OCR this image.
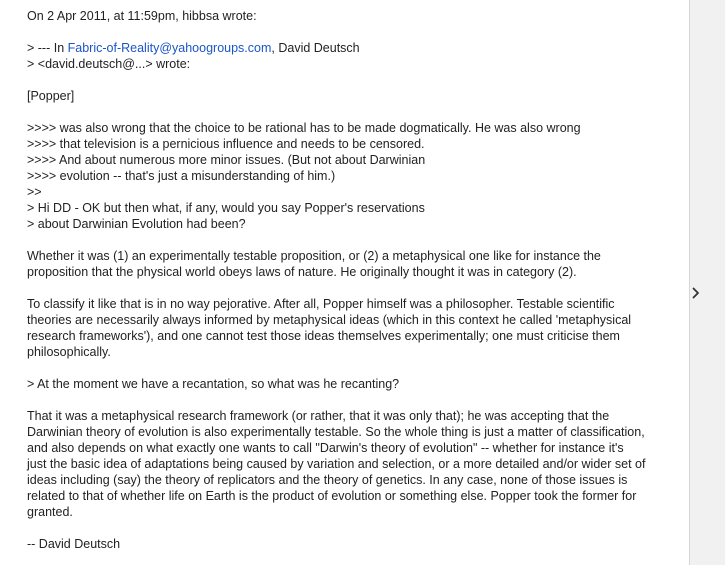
On 2 Apr 2011, at 11:59pm, hibbsa wrote:
> --- In Fabric-of-Reality@yahoogroups.com, David Deutsch
> <david.deutsch@...> wrote:
[Popper]
>>>> was also wrong that the choice to be rational has to be made dogmatically. He was also wrong
>>>> that television is a pernicious influence and needs to be censored.
>>>> And about numerous more minor issues. (But not about Darwinian
>>>> evolution -- that's just a misunderstanding of him.)
>>
> Hi DD - OK but then what, if any, would you say Popper's reservations
> about Darwinian Evolution had been?
Whether it was (1) an experimentally testable proposition, or (2) a metaphysical one like for instance the
proposition that the physical world obeys laws of nature. He originally thought it was in category (2).
To classify it like that is in no way pejorative. After all, Popper himself was a philosopher. Testable scientific
theories are necessarily always informed by metaphysical ideas (which in this context he called 'metaphysical
research frameworks'), and one cannot test those ideas themselves experimentally; one must criticise them
philosophically.
> At the moment we have a recantation, so what was he recanting?
That it was a metaphysical research framework (or rather, that it was only that); he was accepting that the
Darwinian theory of evolution is also experimentally testable. So the whole thing is just a matter of classification,
and also depends on what exactly one wants to call "Darwin's theory of evolution" -- whether for instance it's
just the basic idea of adaptations being caused by variation and selection, or a more detailed and/or wider set of
ideas including (say) the theory of replicators and the theory of genetics. In any case, none of those issues is
related to that of whether life on Earth is the product of evolution or something else. Popper took the former for
granted.
-- David Deutsch
